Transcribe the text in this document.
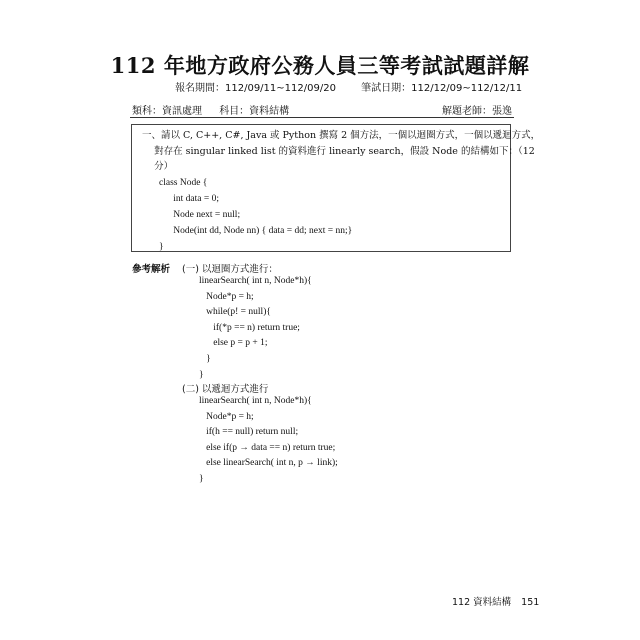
112 年地方政府公務人員三等考試試題詳解
報名期間：112/09/11~112/09/20	筆試日期：112/12/09~112/12/11
類科：資訊處理 科目：資料結構	解題老師：張逸
一、請以 C, C++, C#, Java 或 Python 撰寫 2 個方法，一個以迴圈方式，一個以遞迴方式，
對存在 singular linked list 的資料進行 linearly search，假設 Node 的結構如下：（12
分）
class Node {
int data = 0;
Node next = null;
Node(int dd, Node nn) { data = dd; next = nn;}
}
參考解析 (一) 以迴圈方式進行：
linearSearch( int n, Node*h){
Node*p = h;
while(p! = null){
if(*p == n) return true;
else p = p + 1;
}
}
(二) 以遞迴方式進行
linearSearch( int n, Node*h){
Node*p = h;
if(h == null) return null;
else if(p → data == n) return true;
else linearSearch( int n, p → link);
}
112 資料結構 151
